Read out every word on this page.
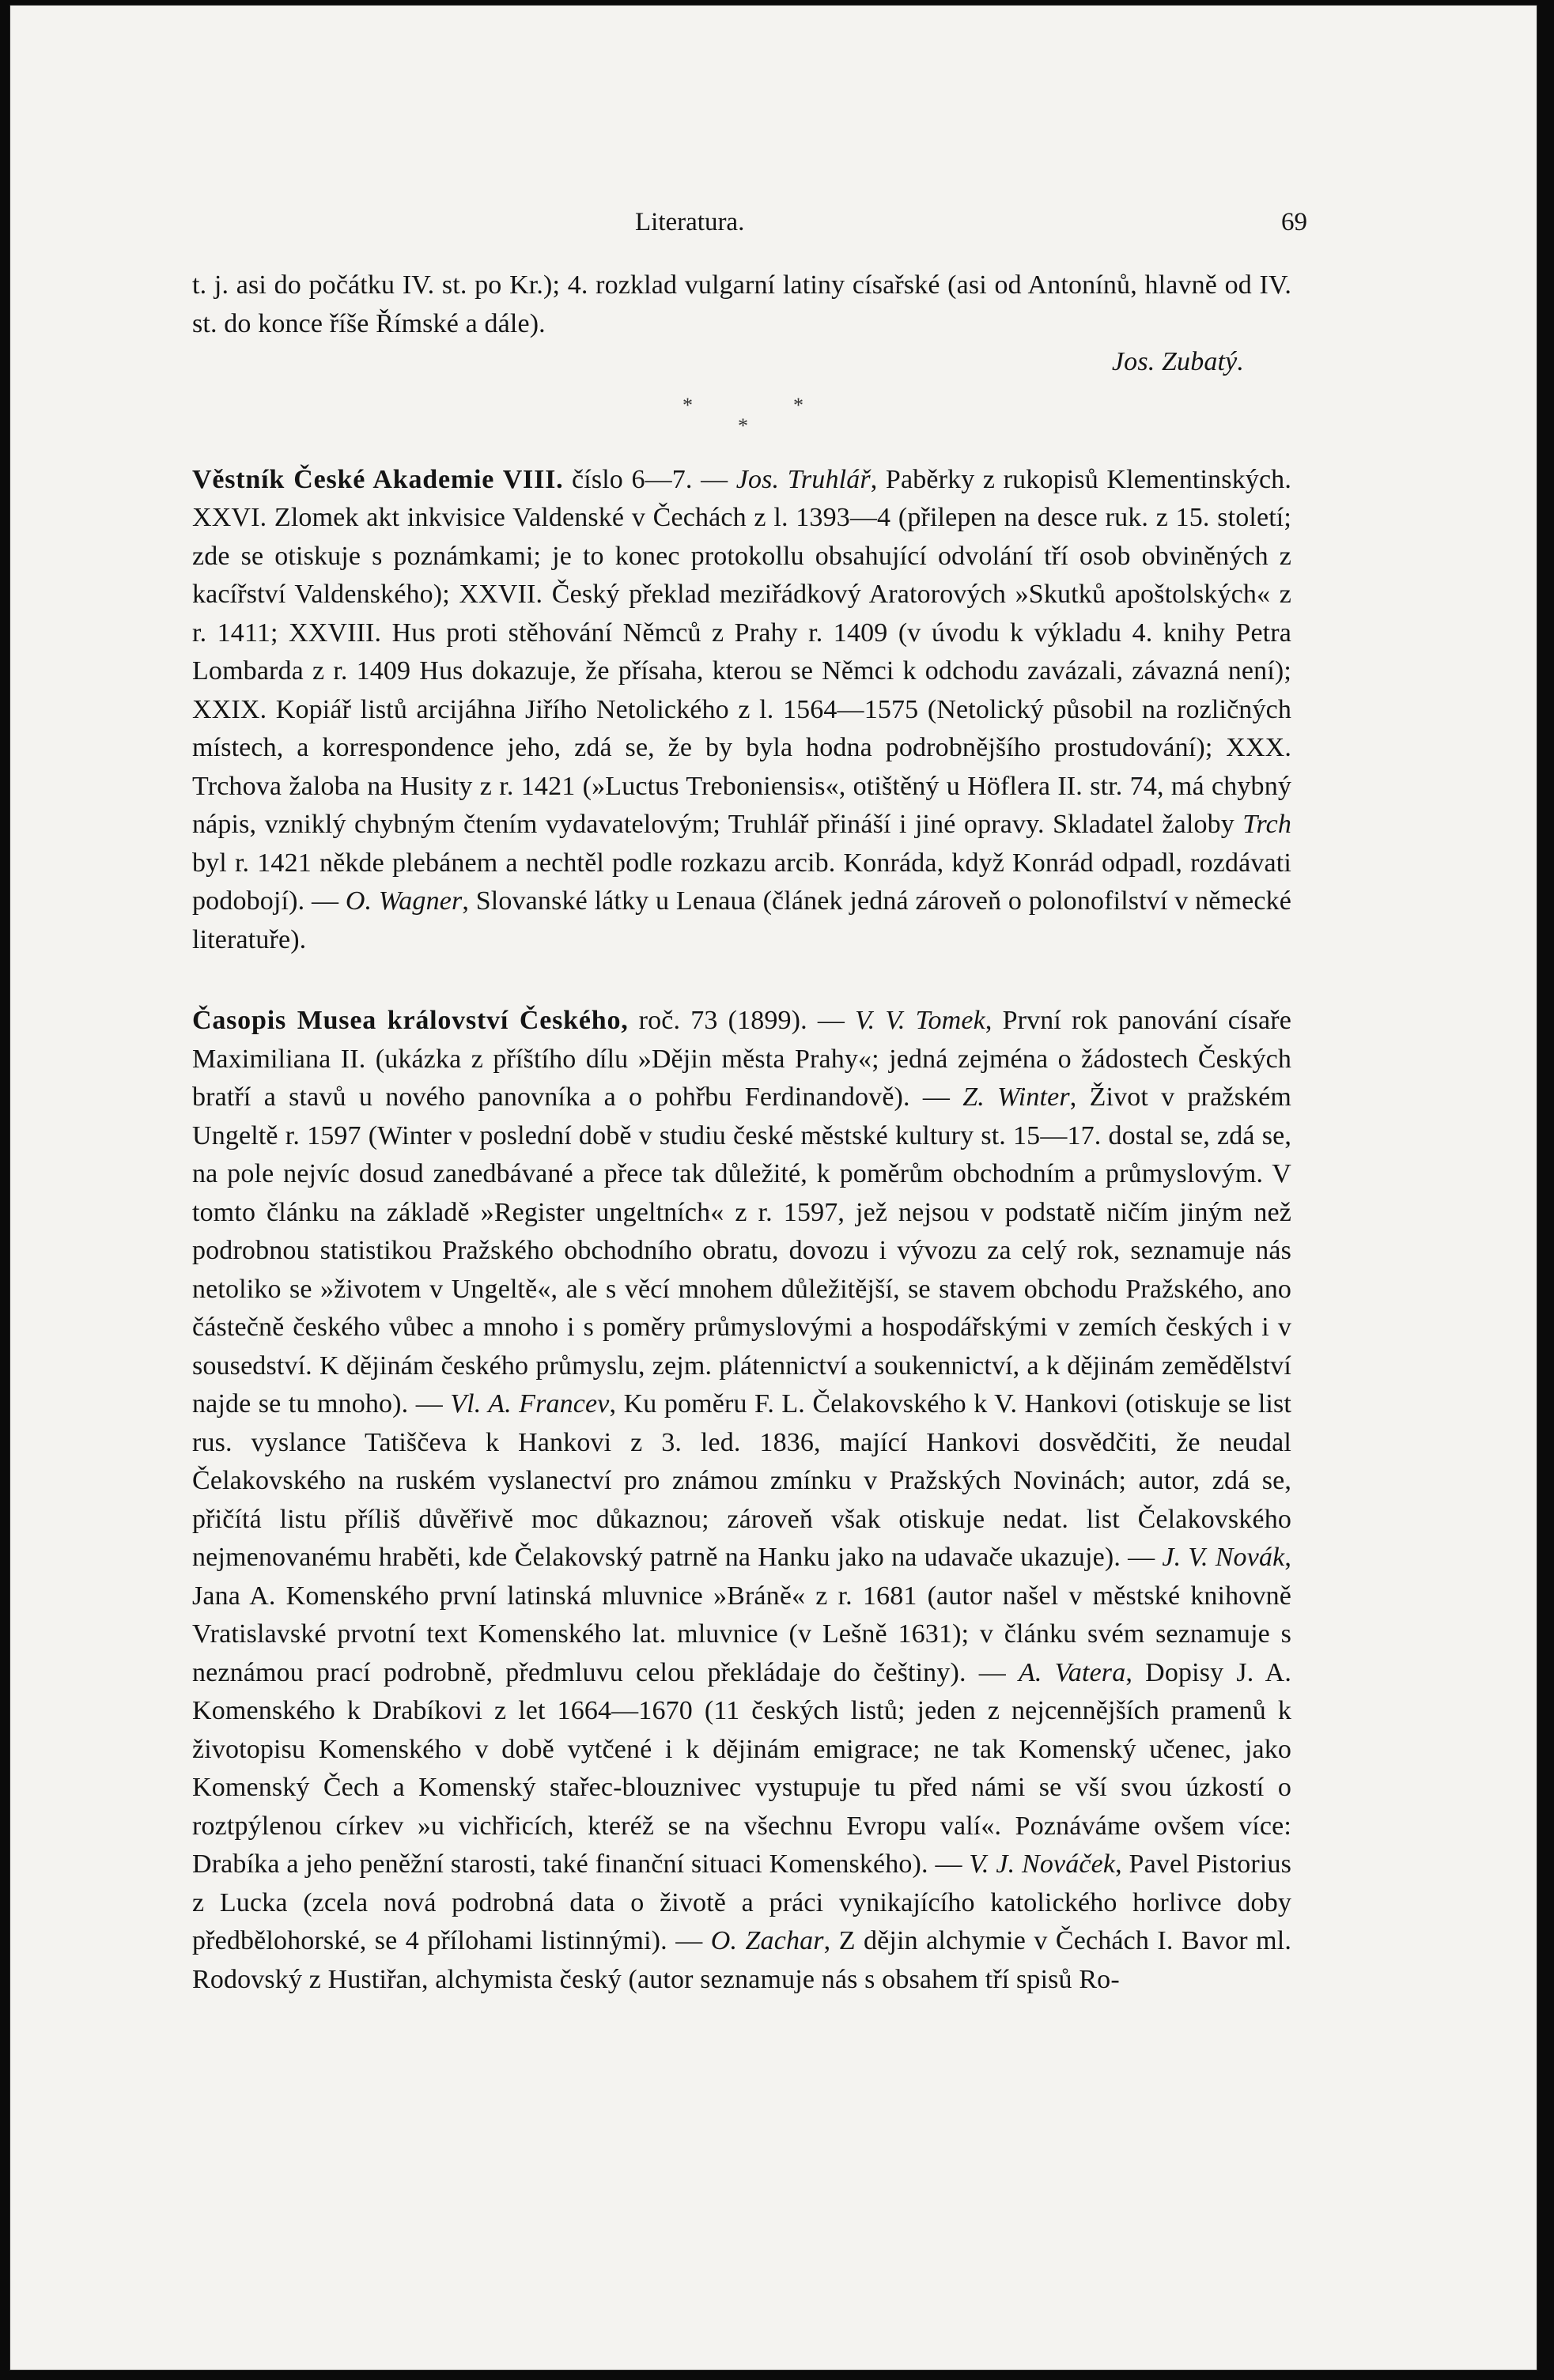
Literatura.	69

t. j. asi do počátku IV. st. po Kr.); 4. rozklad vulgarní latiny císařské (asi od Antonínů, hlavně od IV. st. do konce říše Římské a dále).

Jos. Zubatý.

*	*
*

Věstník České Akademie VIII. číslo 6—7. — Jos. Truhlář, Paběrky z rukopisů Klementinských. XXVI. Zlomek akt inkvisice Valdenské v Čechách z l. 1393—4 (přilepen na desce ruk. z 15. století; zde se otiskuje s poznámkami; je to konec protokollu obsahující odvolání tří osob obviněných z kacířství Valdenského); XXVII. Český překlad meziřádkový Aratorových »Skutků apoštolských« z r. 1411; XXVIII. Hus proti stěhování Němců z Prahy r. 1409 (v úvodu k výkladu 4. knihy Petra Lombarda z r. 1409 Hus dokazuje, že přísaha, kterou se Němci k odchodu zavázali, závazná není); XXIX. Kopiář listů arcijáhna Jiřího Netolického z l. 1564—1575 (Netolický působil na rozličných místech, a korrespondence jeho, zdá se, že by byla hodna podrobnějšího prostudování); XXX. Trchova žaloba na Husity z r. 1421 (»Luctus Treboniensis«, otištěný u Höflera II. str. 74, má chybný nápis, vzniklý chybným čtením vydavatelovým; Truhlář přináší i jiné opravy. Skladatel žaloby Trch byl r. 1421 někde plebánem a nechtěl podle rozkazu arcib. Konráda, když Konrád odpadl, rozdávati podobojí). — O. Wagner, Slovanské látky u Lenaua (článek jedná zároveň o polonofilství v německé literatuře).

Časopis Musea království Českého, roč. 73 (1899). — V. V. Tomek, První rok panování císaře Maximiliana II. (ukázka z příštího dílu »Dějin města Prahy«; jedná zejména o žádostech Českých bratří a stavů u nového panovníka a o pohřbu Ferdinandově). — Z. Winter, Život v pražském Ungeltě r. 1597 (Winter v poslední době v studiu české městské kultury st. 15—17. dostal se, zdá se, na pole nejvíc dosud zanedbávané a přece tak důležité, k poměrům obchodním a průmyslovým. V tomto článku na základě »Register ungeltních« z r. 1597, jež nejsou v podstatě ničím jiným než podrobnou statistikou Pražského obchodního obratu, dovozu i vývozu za celý rok, seznamuje nás netoliko se »životem v Ungeltě«, ale s věcí mnohem důležitější, se stavem obchodu Pražského, ano částečně českého vůbec a mnoho i s poměry průmyslovými a hospodářskými v zemích českých i v sousedství. K dějinám českého průmyslu, zejm. plátennictví a soukennictví, a k dějinám zemědělství najde se tu mnoho). — Vl. A. Francev, Ku poměru F. L. Čelakovského k V. Hankovi (otiskuje se list rus. vyslance Tatiščeva k Hankovi z 3. led. 1836, mající Hankovi dosvědčiti, že neudal Čelakovského na ruském vyslanectví pro známou zmínku v Pražských Novinách; autor, zdá se, přičítá listu příliš důvěřivě moc důkaznou; zároveň však otiskuje nedat. list Čelakovského nejmenovanému hraběti, kde Čelakovský patrně na Hanku jako na udavače ukazuje). — J. V. Novák, Jana A. Komenského první latinská mluvnice »Bráně« z r. 1681 (autor našel v městské knihovně Vratislavské prvotní text Komenského lat. mluvnice (v Lešně 1631); v článku svém seznamuje s neznámou prací podrobně, předmluvu celou překládaje do češtiny). — A. Vatera, Dopisy J. A. Komenského k Drabíkovi z let 1664—1670 (11 českých listů; jeden z nejcennějších pramenů k životopisu Komenského v době vytčené i k dějinám emigrace; ne tak Komenský učenec, jako Komenský Čech a Komenský stařec-blouznivec vystupuje tu před námi se vší svou úzkostí o roztpýlenou církev »u vichřicích, kteréž se na všechnu Evropu valí«. Poznáváme ovšem více: Drabíka a jeho peněžní starosti, také finanční situaci Komenského). — V. J. Nováček, Pavel Pistorius z Lucka (zcela nová podrobná data o životě a práci vynikajícího katolického horlivce doby předbělohorské, se 4 přílohami listinnými). — O. Zachar, Z dějin alchymie v Čechách I. Bavor ml. Rodovský z Hustiřan, alchymista český (autor seznamuje nás s obsahem tří spisů Ro-
